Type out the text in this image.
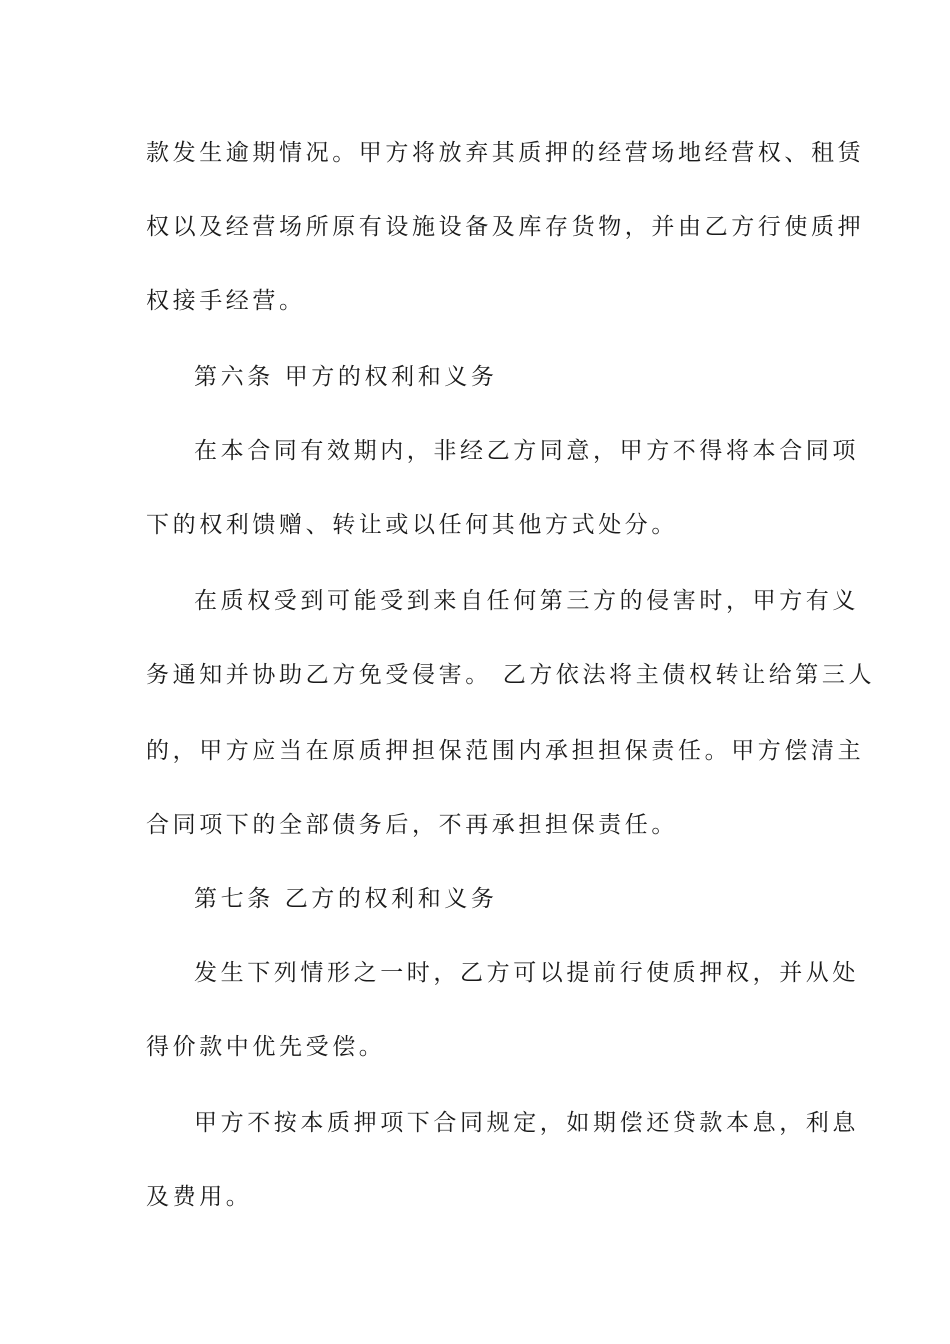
款发生逾期情况。甲方将放弃其质押的经营场地经营权、租赁
权以及经营场所原有设施设备及库存货物，并由乙方行使质押
权接手经营。
第六条 甲方的权利和义务
在本合同有效期内，非经乙方同意，甲方不得将本合同项
下的权利馈赠、转让或以任何其他方式处分。
在质权受到可能受到来自任何第三方的侵害时，甲方有义
务通知并协助乙方免受侵害。 乙方依法将主债权转让给第三人
的，甲方应当在原质押担保范围内承担担保责任。甲方偿清主
合同项下的全部债务后，不再承担担保责任。
第七条 乙方的权利和义务
发生下列情形之一时，乙方可以提前行使质押权，并从处
得价款中优先受偿。
甲方不按本质押项下合同规定，如期偿还贷款本息，利息
及费用。
